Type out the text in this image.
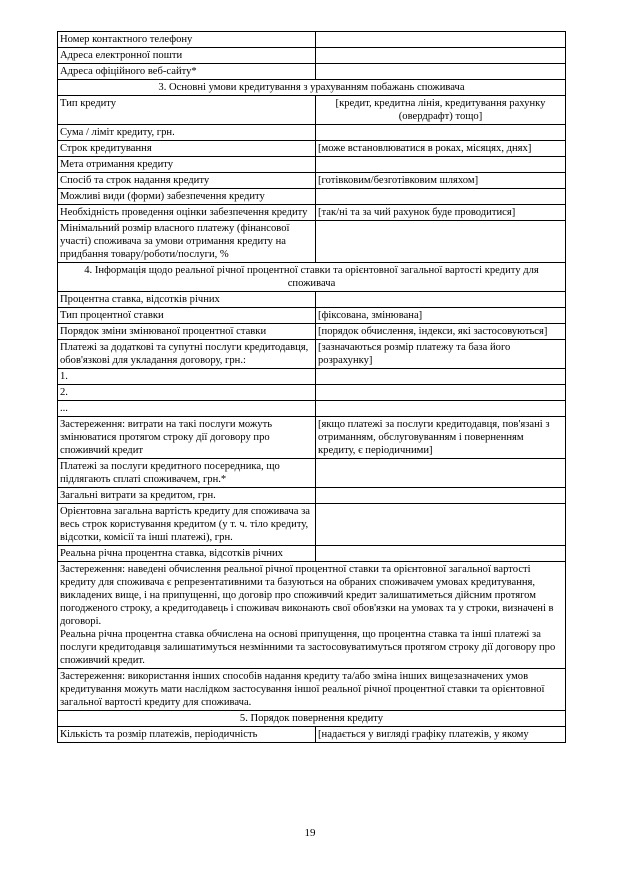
Номер контактного телефону	
Адреса електронної пошти	
Адреса офіційного веб-сайту*	
3. Основні умови кредитування з урахуванням побажань споживача	
Тип кредиту	[кредит, кредитна лінія, кредитування рахунку (овердрафт) тощо]
Сума / ліміт кредиту, грн.	
Строк кредитування	[може встановлюватися в роках, місяцях, днях]
Мета отримання кредиту	
Спосіб та строк надання кредиту	[готівковим/безготівковим шляхом]
Можливі види (форми) забезпечення кредиту	
Необхідність проведення оцінки забезпечення кредиту	[так/ні та за чий рахунок буде проводитися]
Мінімальний розмір власного платежу (фінансової участі) споживача за умови отримання кредиту на придбання товару/роботи/послуги, %	
4. Інформація щодо реальної річної процентної ставки та орієнтовної загальної вартості кредиту для споживача	
Процентна ставка, відсотків річних	
Тип процентної ставки	[фіксована, змінювана]
Порядок зміни змінюваної процентної ставки	[порядок обчислення, індекси, які застосовуються]
Платежі за додаткові та супутні послуги кредитодавця, обов'язкові для укладання договору, грн.:	[зазначаються розмір платежу та база його розрахунку]
1.	
2.	
...	
Застереження: витрати на такі послуги можуть змінюватися протягом строку дії договору про споживчий кредит	[якщо платежі за послуги кредитодавця, пов'язані з отриманням, обслуговуванням і поверненням кредиту, є періодичними]
Платежі за послуги кредитного посередника, що підлягають сплаті споживачем, грн.*	
Загальні витрати за кредитом, грн.	
Орієнтовна загальна вартість кредиту для споживача за весь строк користування кредитом (у т. ч. тіло кредиту, відсотки, комісії та інші платежі), грн.	
Реальна річна процентна ставка, відсотків річних	

Застереження: наведені обчислення реальної річної процентної ставки та орієнтовної загальної вартості кредиту для споживача є репрезентативними та базуються на обраних споживачем умовах кредитування, викладених вище, і на припущенні, що договір про споживчий кредит залишатиметься дійсним протягом погодженого строку, а кредитодавець і споживач виконають свої обов'язки на умовах та у строки, визначені в договорі.
Реальна річна процентна ставка обчислена на основі припущення, що процентна ставка та інші платежі за послуги кредитодавця залишатимуться незмінними та застосовуватимуться протягом строку дії договору про споживчий кредит.	

Застереження: використання інших способів надання кредиту та/або зміна інших вищезазначених умов кредитування можуть мати наслідком застосування іншої реальної річної процентної ставки та орієнтовної загальної вартості кредиту для споживача.	

5. Порядок повернення кредиту	
Кількість та розмір платежів, періодичність	[надається у вигляді графіку платежів, у якому
19
